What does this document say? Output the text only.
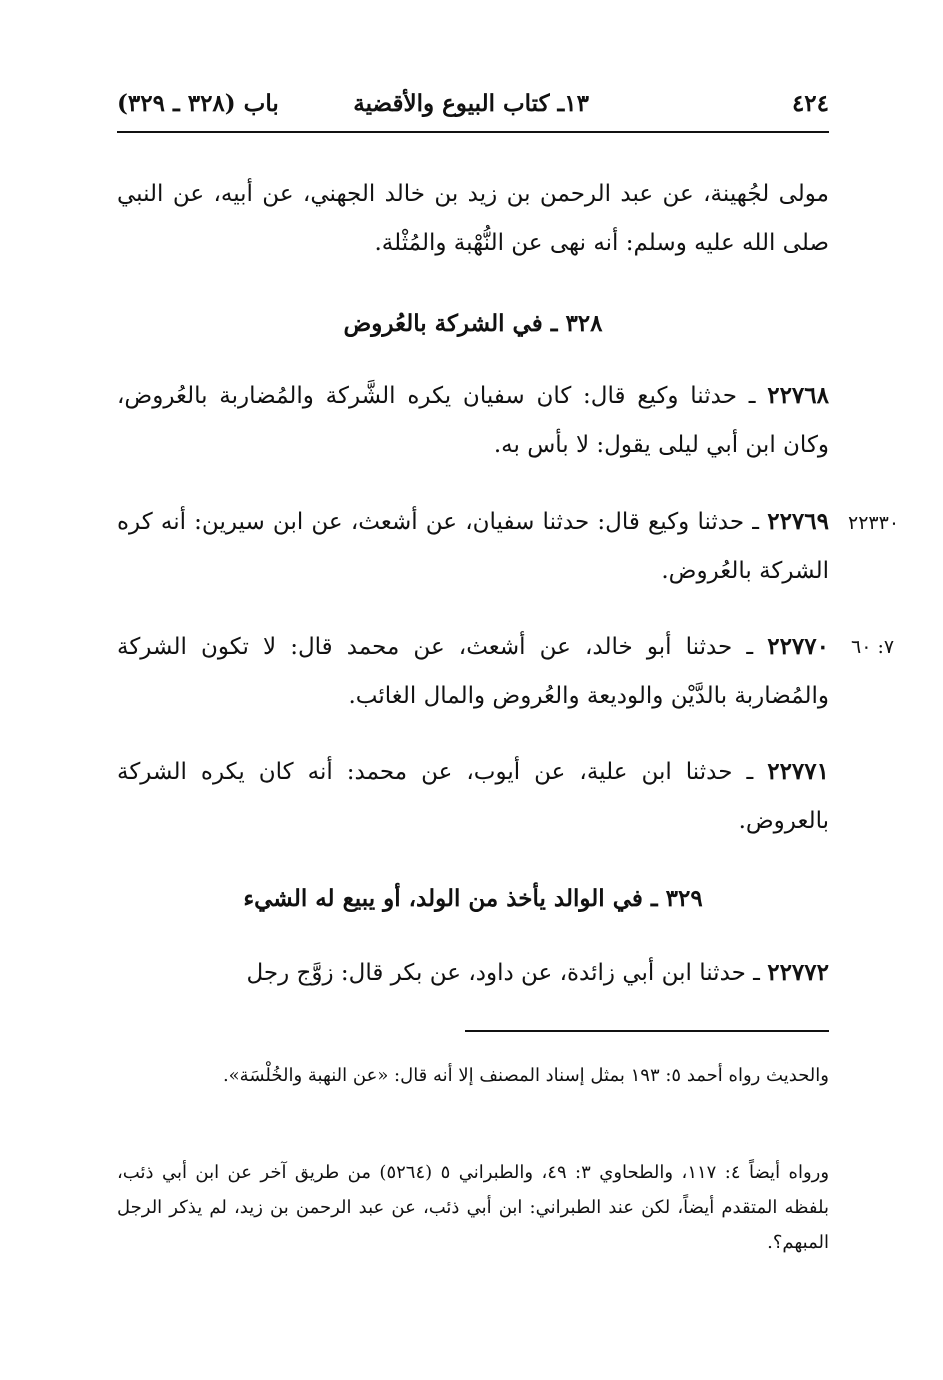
٤٢٤
١٣ـ كتاب البيوع والأقضية
باب (٣٢٨ ـ ٣٢٩)

مولى لجُهينة، عن عبد الرحمن بن زيد بن خالد الجهني، عن أبيه، عن النبي صلى الله عليه وسلم: أنه نهى عن النُّهْبة والمُثْلة.

٣٢٨ ـ في الشركة بالعُروض

٢٢٧٦٨ ـ حدثنا وكيع قال: كان سفيان يكره الشَّركة والمُضاربة بالعُروض، وكان ابن أبي ليلى يقول: لا بأس به.

٢٢٧٦٩ ـ حدثنا وكيع قال: حدثنا سفيان، عن أشعث، عن ابن سيرين: أنه كره الشركة بالعُروض.

٢٢٣٣٠

٢٢٧٧٠ ـ حدثنا أبو خالد، عن أشعث، عن محمد قال: لا تكون الشركة والمُضاربة بالدَّيْن والوديعة والعُروض والمال الغائب.

٧: ٦٠

٢٢٧٧١ ـ حدثنا ابن علية، عن أيوب، عن محمد: أنه كان يكره الشركة بالعروض.

٣٢٩ ـ في الوالد يأخذ من الولد، أو يبيع له الشيء

٢٢٧٧٢ ـ حدثنا ابن أبي زائدة، عن داود، عن بكر قال: زوَّج رجل

والحديث رواه أحمد ٥: ١٩٣ بمثل إسناد المصنف إلا أنه قال: «عن النهبة والخُلْسَة».

ورواه أيضاً ٤: ١١٧، والطحاوي ٣: ٤٩، والطبراني ٥ (٥٢٦٤) من طريق آخر عن ابن أبي ذئب، بلفظه المتقدم أيضاً، لكن عند الطبراني: ابن أبي ذئب، عن عبد الرحمن بن زيد، لم يذكر الرجل المبهم؟.
